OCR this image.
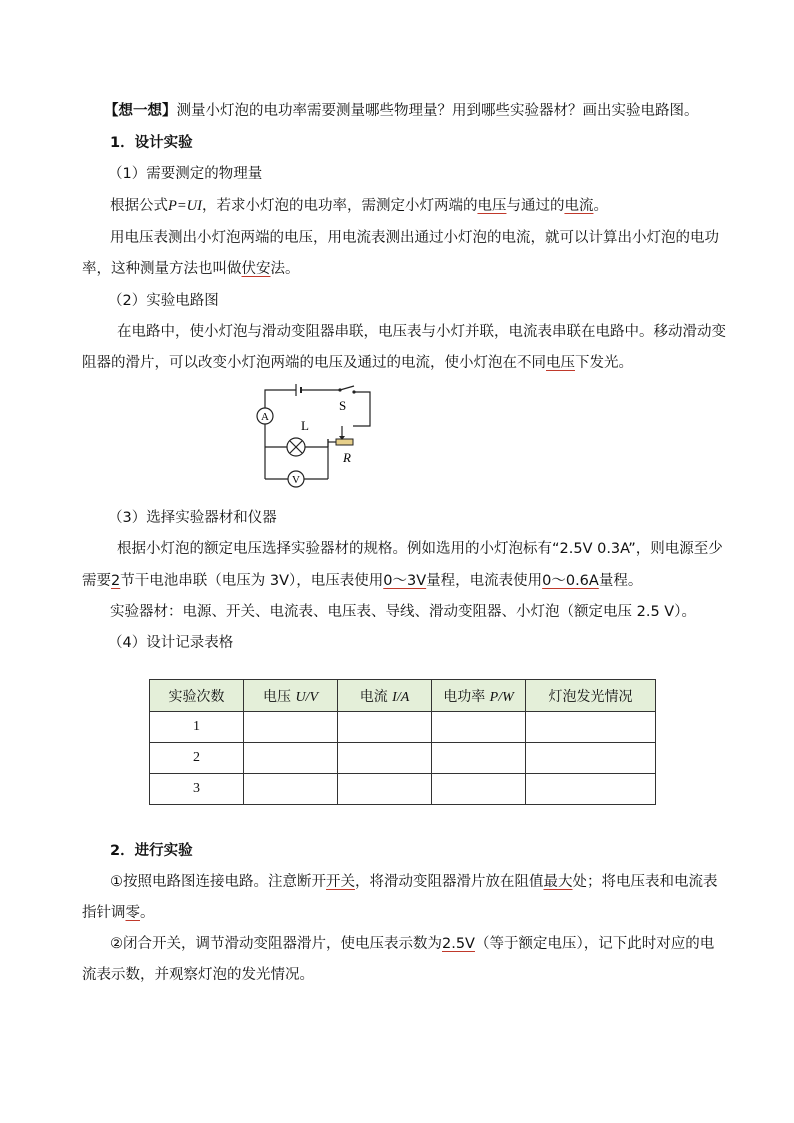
【想一想】测量小灯泡的电功率需要测量哪些物理量？用到哪些实验器材？画出实验电路图。
1．设计实验
（1）需要测定的物理量
根据公式P=UI，若求小灯泡的电功率，需测定小灯两端的电压与通过的电流。
用电压表测出小灯泡两端的电压，用电流表测出通过小灯泡的电流，就可以计算出小灯泡的电功
率，这种测量方法也叫做伏安法。
（2）实验电路图
在电路中，使小灯泡与滑动变阻器串联，电压表与小灯并联，电流表串联在电路中。移动滑动变
阻器的滑片，可以改变小灯泡两端的电压及通过的电流，使小灯泡在不同电压下发光。
A
L
S
R
V
（3）选择实验器材和仪器
根据小灯泡的额定电压选择实验器材的规格。例如选用的小灯泡标有“2.5V 0.3A”，则电源至少
需要2节干电池串联（电压为 3V），电压表使用0～3V量程，电流表使用0～0.6A量程。
实验器材：电源、开关、电流表、电压表、导线、滑动变阻器、小灯泡（额定电压 2.5 V）。
（4）设计记录表格
实验次数	电压 U/V	电流 I/A	电功率 P/W	灯泡发光情况
1				
2				
3				
2．进行实验
①按照电路图连接电路。注意断开开关，将滑动变阻器滑片放在阻值最大处；将电压表和电流表
指针调零。
②闭合开关，调节滑动变阻器滑片，使电压表示数为2.5V（等于额定电压），记下此时对应的电
流表示数，并观察灯泡的发光情况。
